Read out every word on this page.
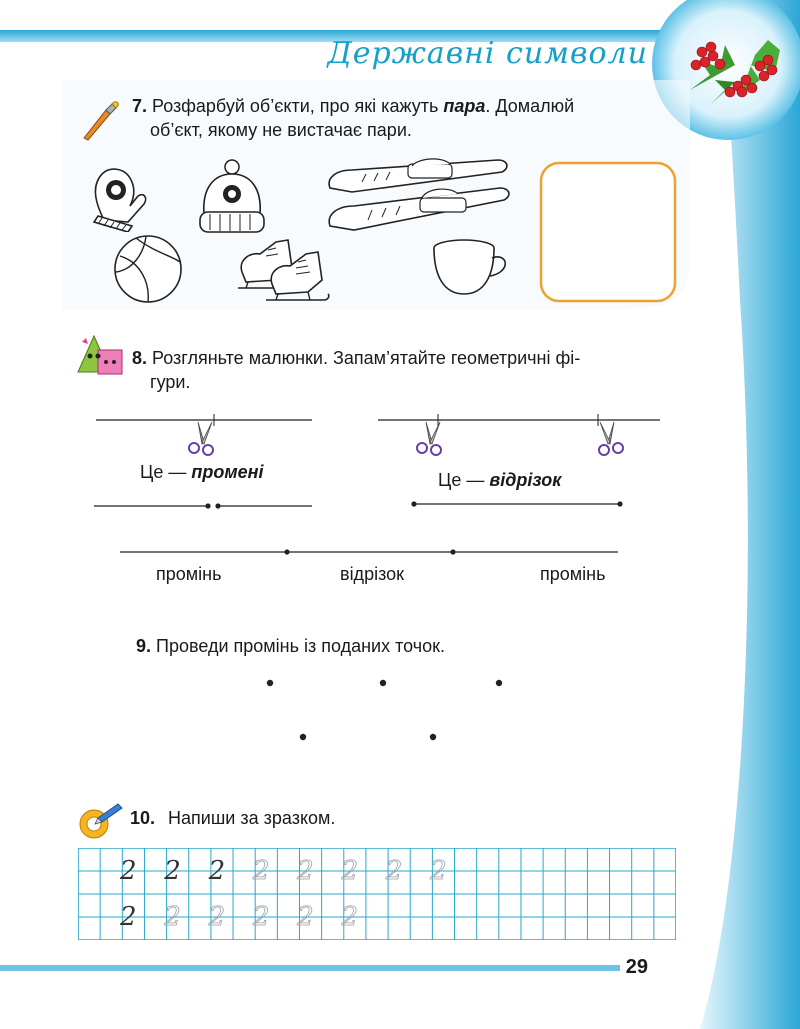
Державні символи
7. Розфарбуй об’єкти, про які кажуть пара. Домалюй
об’єкт, якому не вистачає пари.
8. Розгляньте малюнки. Запам’ятайте геометричні фі-
гури.
Це — промені	Це — відрізок
промінь	відрізок	промінь
9. Проведи промінь із поданих точок.
10. Напиши за зразком.
2 2 2 2 2 2 2 2
2 2 2 2 2 2
29
